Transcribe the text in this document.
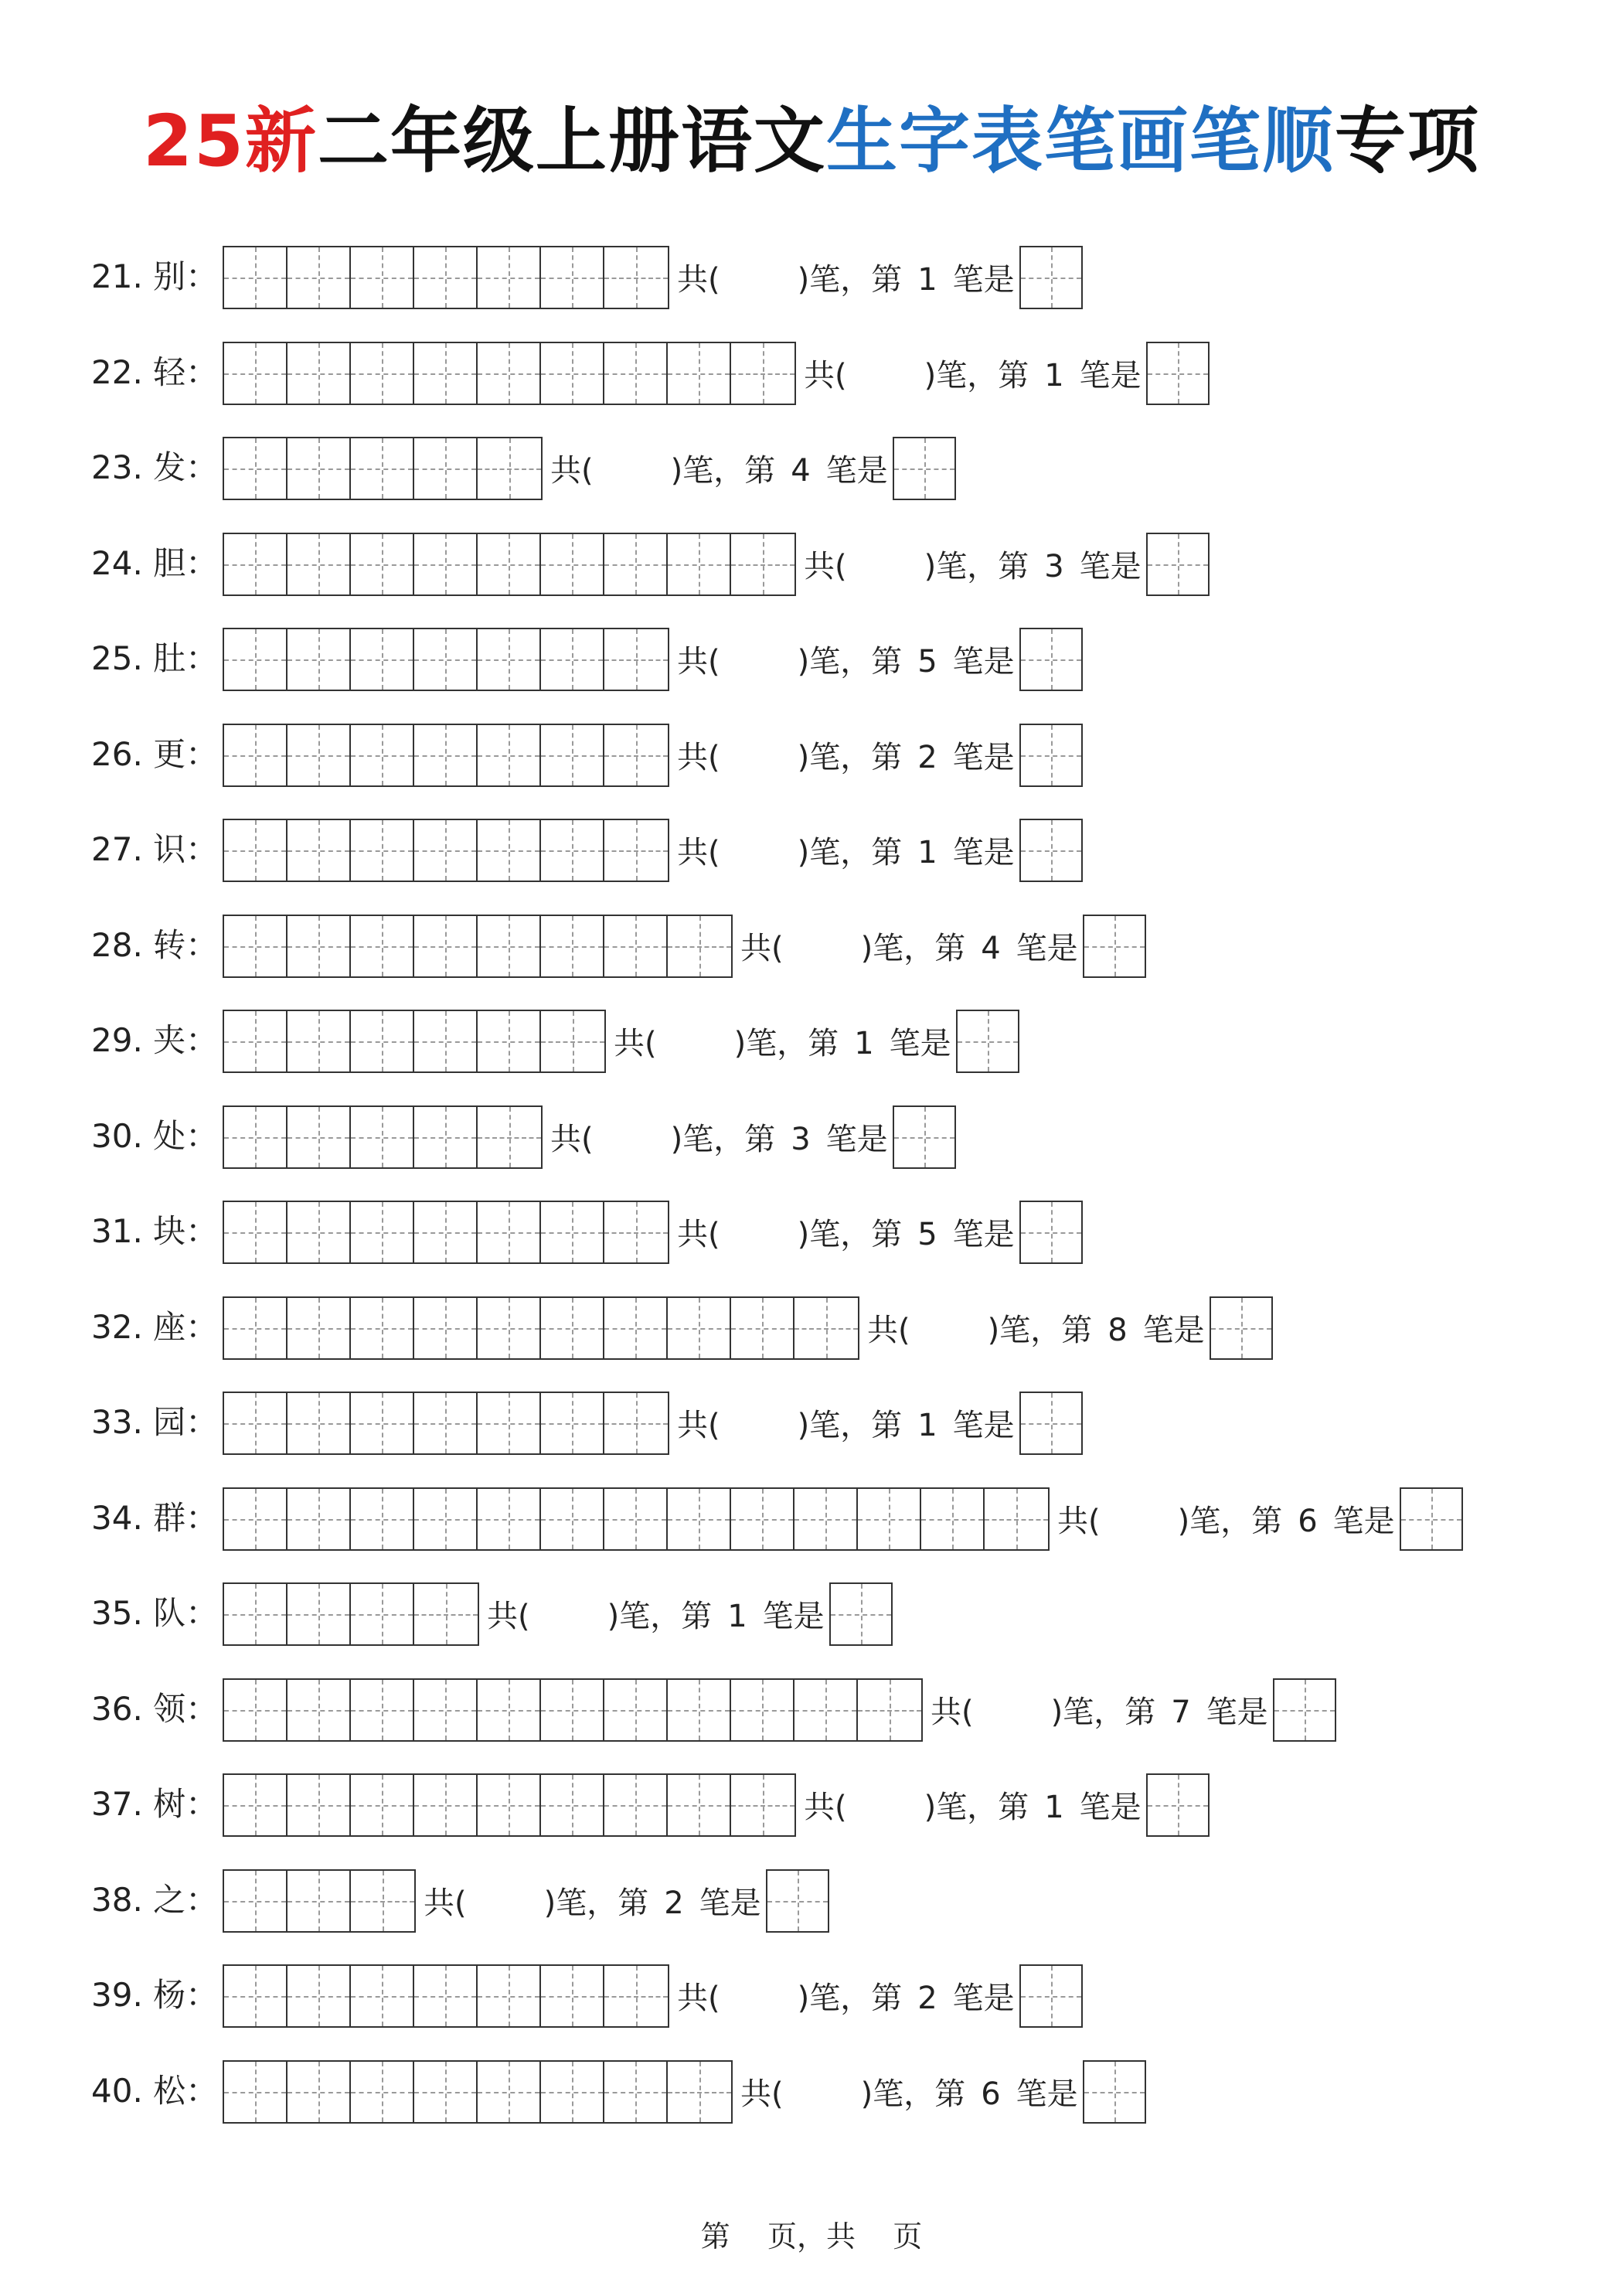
25新二年级上册语文生字表笔画笔顺专项
21. 别：	共(	)笔，第 1 笔是
22. 轻：	共(	)笔，第 1 笔是
23. 发：	共(	)笔，第 4 笔是
24. 胆：	共(	)笔，第 3 笔是
25. 肚：	共(	)笔，第 5 笔是
26. 更：	共(	)笔，第 2 笔是
27. 识：	共(	)笔，第 1 笔是
28. 转：	共(	)笔，第 4 笔是
29. 夹：	共(	)笔，第 1 笔是
30. 处：	共(	)笔，第 3 笔是
31. 块：	共(	)笔，第 5 笔是
32. 座：	共(	)笔，第 8 笔是
33. 园：	共(	)笔，第 1 笔是
34. 群：	共(	)笔，第 6 笔是
35. 队：	共(	)笔，第 1 笔是
36. 领：	共(	)笔，第 7 笔是
37. 树：	共(	)笔，第 1 笔是
38. 之：	共(	)笔，第 2 笔是
39. 杨：	共(	)笔，第 2 笔是
40. 松：	共(	)笔，第 6 笔是
第    页，共    页
